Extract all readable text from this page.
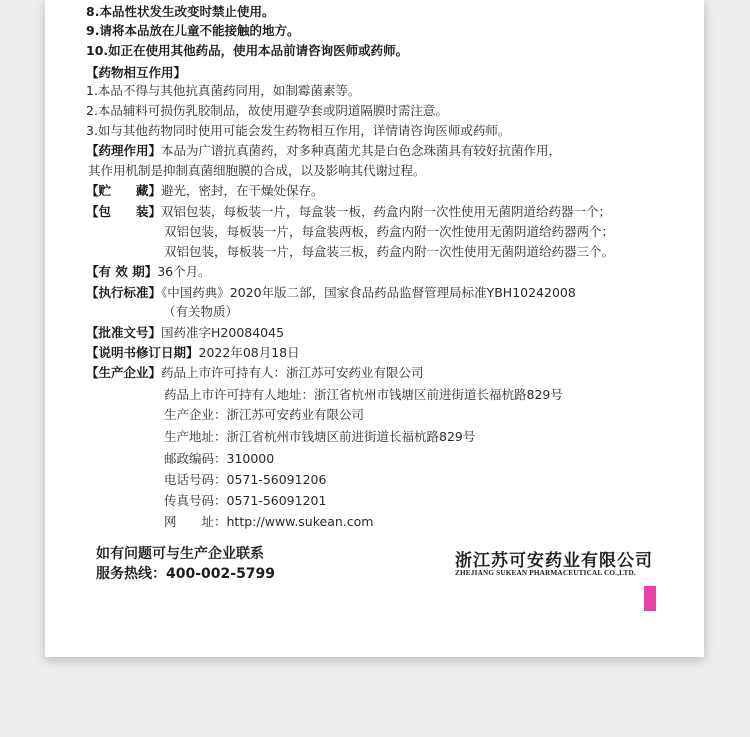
8.本品性状发生改变时禁止使用。
9.请将本品放在儿童不能接触的地方。
10.如正在使用其他药品，使用本品前请咨询医师或药师。
【药物相互作用】
1.本品不得与其他抗真菌药同用，如制霉菌素等。
2.本品辅料可损伤乳胶制品，故使用避孕套或阴道隔膜时需注意。
3.如与其他药物同时使用可能会发生药物相互作用，详情请咨询医师或药师。
【药理作用】本品为广谱抗真菌药，对多种真菌尤其是白色念珠菌具有较好抗菌作用，
其作用机制是抑制真菌细胞膜的合成，以及影响其代谢过程。
【贮　　藏】避光，密封，在干燥处保存。
【包　　装】双铝包装，每板装一片，每盒装一板，药盒内附一次性使用无菌阴道给药器一个；
双铝包装，每板装一片，每盒装两板，药盒内附一次性使用无菌阴道给药器两个；
双铝包装，每板装一片，每盒装三板，药盒内附一次性使用无菌阴道给药器三个。
【有 效 期】36个月。
【执行标准】《中国药典》2020年版二部，国家食品药品监督管理局标准YBH10242008
（有关物质）
【批准文号】国药准字H20084045
【说明书修订日期】2022年08月18日
【生产企业】药品上市许可持有人：浙江苏可安药业有限公司
药品上市许可持有人地址：浙江省杭州市钱塘区前进街道长福杭路829号
生产企业：浙江苏可安药业有限公司
生产地址：浙江省杭州市钱塘区前进街道长福杭路829号
邮政编码：310000
电话号码：0571-56091206
传真号码：0571-56091201
网　　址：http://www.sukean.com
如有问题可与生产企业联系
服务热线：400-002-5799
浙江苏可安药业有限公司
ZHEJIANG SUKEAN PHARMACEUTICAL CO.,LTD.
